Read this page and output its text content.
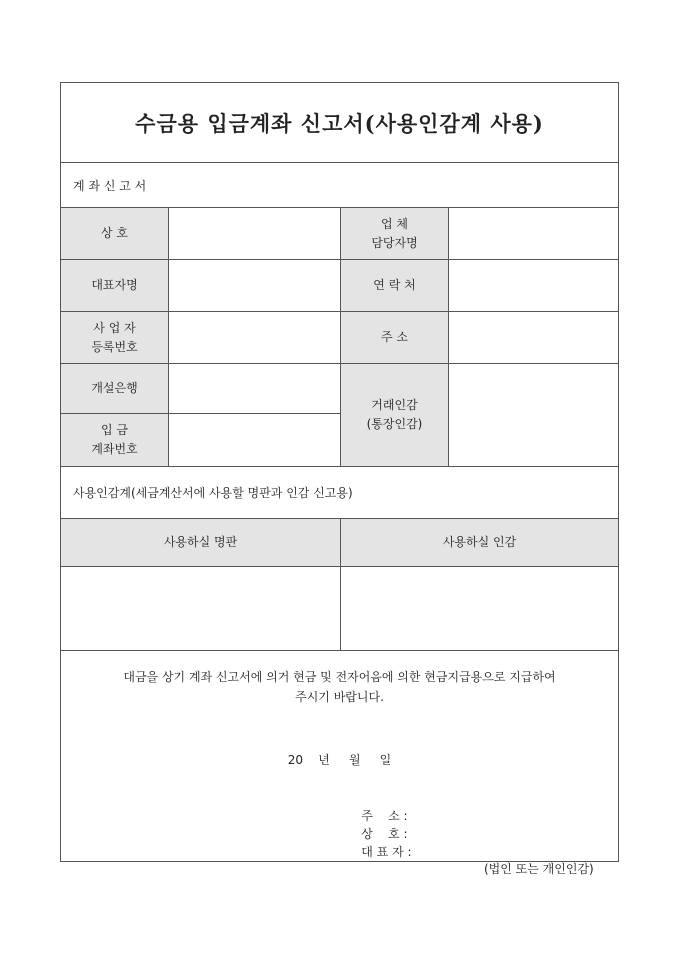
수금용 입금계좌 신고서(사용인감계 사용)
계 좌 신 고 서
상 호
업 체
담당자명
대표자명	연 락 처
사 업 자
등록번호
주 소
개설은행
거래인감
(통장인감)
입 금
계좌번호
사용인감계(세금계산서에 사용할 명판과 인감 신고용)
사용하실 명판	사용하실 인감
대금을 상기 계좌 신고서에 의거 현금 및 전자어음에 의한 현금지급용으로 지급하여
주시기 바랍니다.
20    년     월     일

주    소 :

상    호 :

대 표 자 :

(법인 또는 개인인감)
